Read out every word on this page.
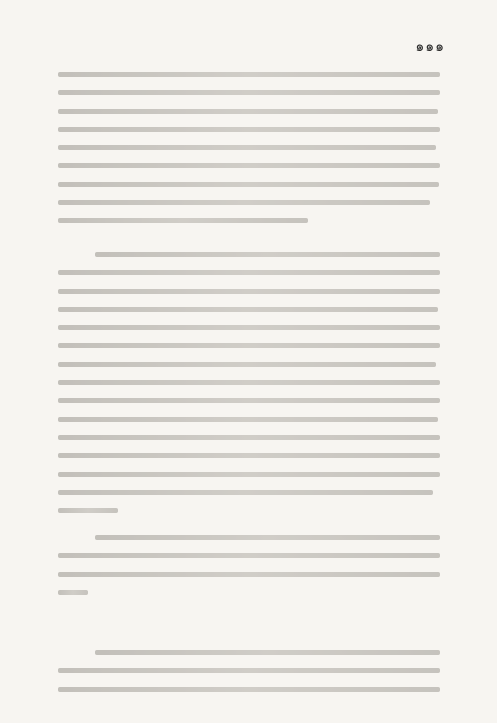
๑๑๑
